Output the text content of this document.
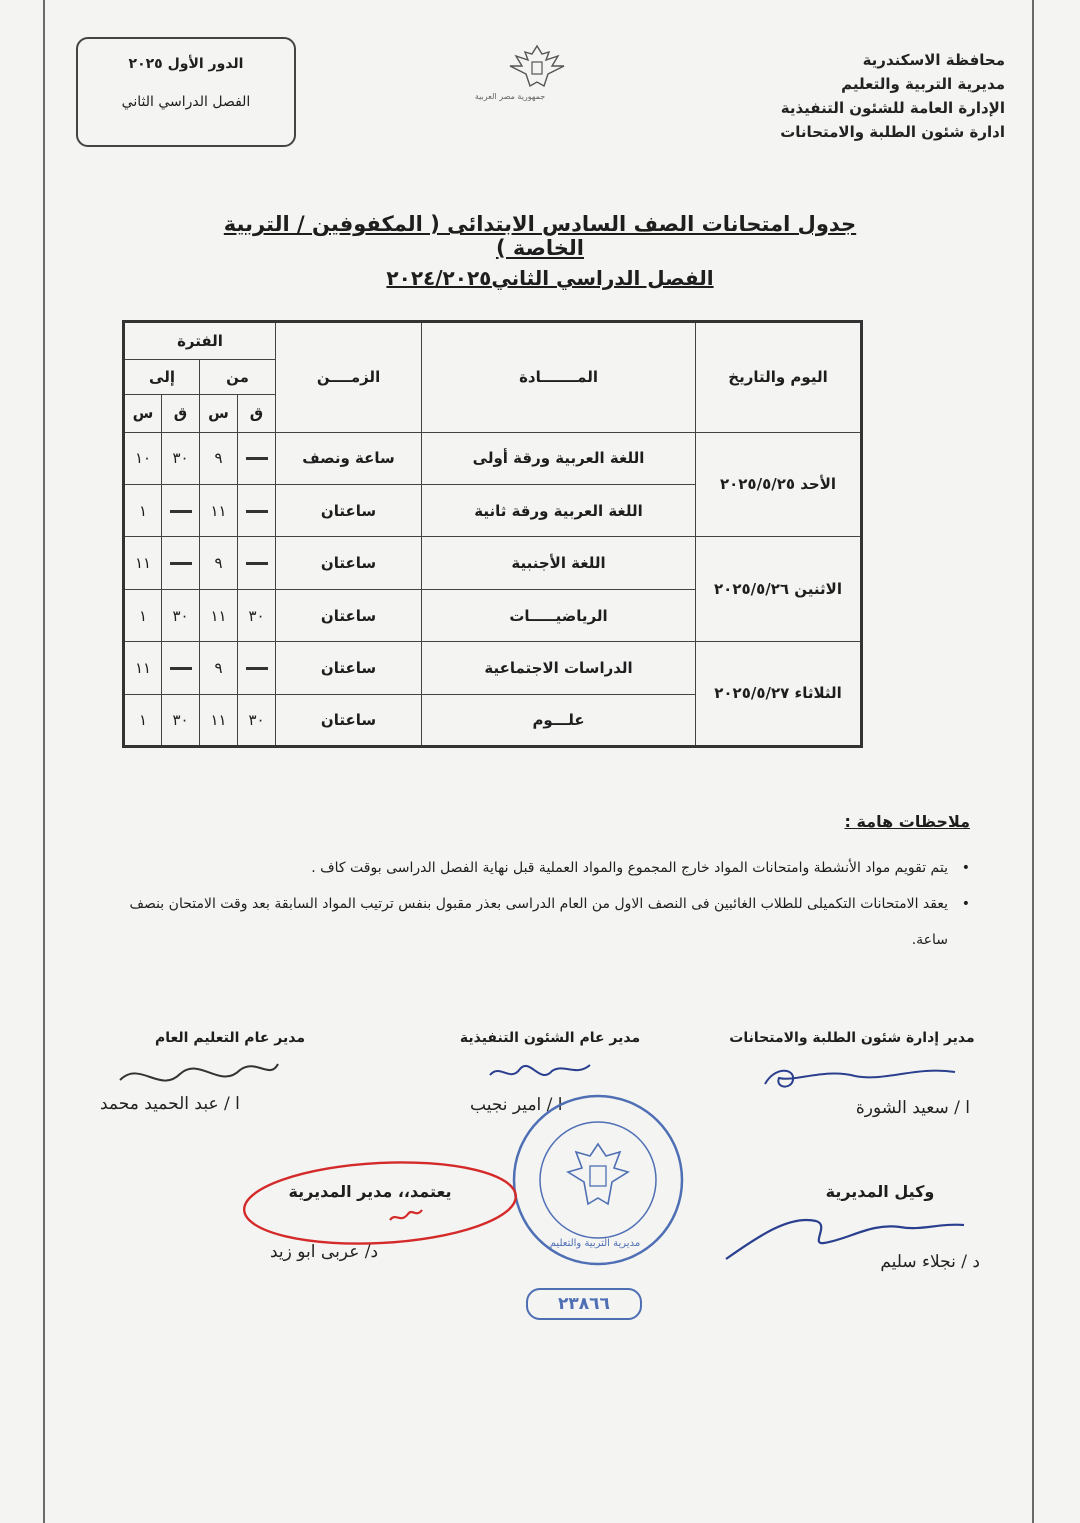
محافظة الاسكندرية
مديرية التربية والتعليم
الإدارة العامة للشئون التنفيذية
ادارة شئون الطلبة والامتحانات
جمهورية مصر العربية
الدور الأول ٢٠٢٥
الفصل الدراسي الثاني
جدول امتحانات الصف السادس الابتدائى ( المكفوفين / التربية الخاصة )
الفصل الدراسي الثاني٢٠٢٤/٢٠٢٥
اليوم والتاريخ	المـــــــادة	الزمــــن	الفترة			
			من		إلى	
			ق	س	ق	س
الأحد ٢٠٢٥/٥/٢٥	اللغة العربية ورقة أولى	ساعة ونصف		٩	٣٠	١٠
	اللغة العربية ورقة ثانية	ساعتان		١١		١
الاثنين ٢٠٢٥/٥/٢٦	اللغة الأجنبية	ساعتان		٩		١١
	الرياضيـــــات	ساعتان	٣٠	١١	٣٠	١
الثلاثاء ٢٠٢٥/٥/٢٧	الدراسات الاجتماعية	ساعتان		٩		١١
	علـــوم	ساعتان	٣٠	١١	٣٠	١
ملاحظات هامة :
• يتم تقويم مواد الأنشطة وامتحانات المواد خارج المجموع والمواد العملية قبل نهاية الفصل الدراسى بوقت كاف .
• يعقد الامتحانات التكميلى للطلاب الغائبين فى النصف الاول من العام الدراسى بعذر مقبول بنفس ترتيب المواد السابقة بعد وقت الامتحان بنصف ساعة.
مدير إدارة شئون الطلبة والامتحانات
مدير عام الشئون التنفيذية
مدير عام التعليم العام
ا / سعيد الشورة
ا / امير نجيب
ا / عبد الحميد محمد
مديرية التربية والتعليم
٢٣٨٦٦
وكيل المديرية
د / نجلاء سليم
يعتمد،، مدير المديرية
د/ عربى ابو زيد
